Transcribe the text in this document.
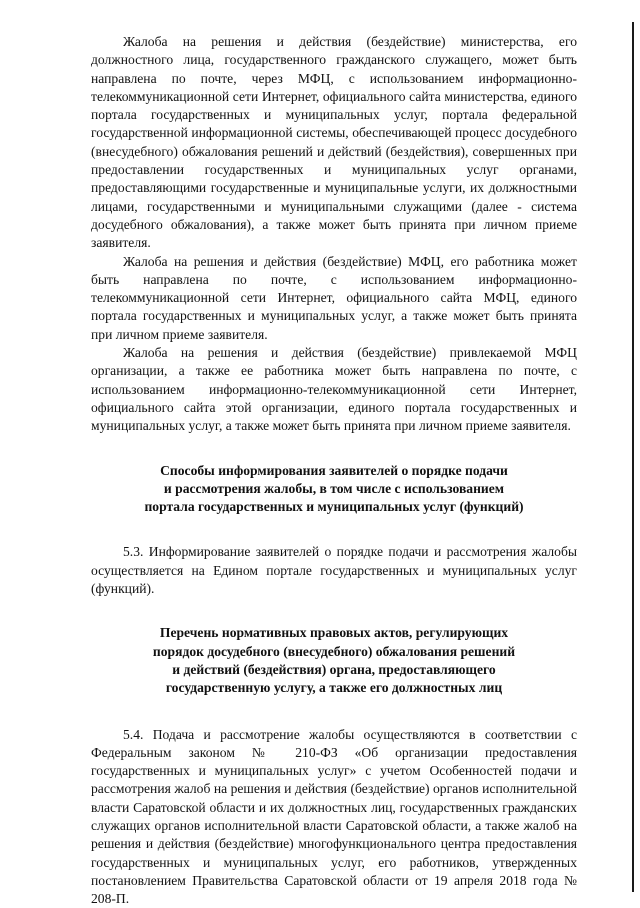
Жалоба на решения и действия (бездействие) министерства, его должностного лица, государственного гражданского служащего, может быть направлена по почте, через МФЦ, с использованием информационно-телекоммуникационной сети Интернет, официального сайта министерства, единого портала государственных и муниципальных услуг, портала федеральной государственной информационной системы, обеспечивающей процесс досудебного (внесудебного) обжалования решений и действий (бездействия), совершенных при предоставлении государственных и муниципальных услуг органами, предоставляющими государственные и муниципальные услуги, их должностными лицами, государственными и муниципальными служащими (далее - система досудебного обжалования), а также может быть принята при личном приеме заявителя.

Жалоба на решения и действия (бездействие) МФЦ, его работника может быть направлена по почте, с использованием информационно-телекоммуникационной сети Интернет, официального сайта МФЦ, единого портала государственных и муниципальных услуг, а также может быть принята при личном приеме заявителя.

Жалоба на решения и действия (бездействие) привлекаемой МФЦ организации, а также ее работника может быть направлена по почте, с использованием информационно-телекоммуникационной сети Интернет, официального сайта этой организации, единого портала государственных и муниципальных услуг, а также может быть принята при личном приеме заявителя.

Способы информирования заявителей о порядке подачи
и рассмотрения жалобы, в том числе с использованием
портала государственных и муниципальных услуг (функций)

5.3. Информирование заявителей о порядке подачи и рассмотрения жалобы осуществляется на Едином портале государственных и муниципальных услуг (функций).

Перечень нормативных правовых актов, регулирующих
порядок досудебного (внесудебного) обжалования решений
и действий (бездействия) органа, предоставляющего
государственную услугу, а также его должностных лиц

5.4. Подача и рассмотрение жалобы осуществляются в соответствии с Федеральным законом № 210-ФЗ «Об организации предоставления государственных и муниципальных услуг» с учетом Особенностей подачи и рассмотрения жалоб на решения и действия (бездействие) органов исполнительной власти Саратовской области и их должностных лиц, государственных гражданских служащих органов исполнительной власти Саратовской области, а также жалоб на решения и действия (бездействие) многофункционального центра предоставления государственных и муниципальных услуг, его работников, утвержденных постановлением Правительства Саратовской области от 19 апреля 2018 года № 208-П.
